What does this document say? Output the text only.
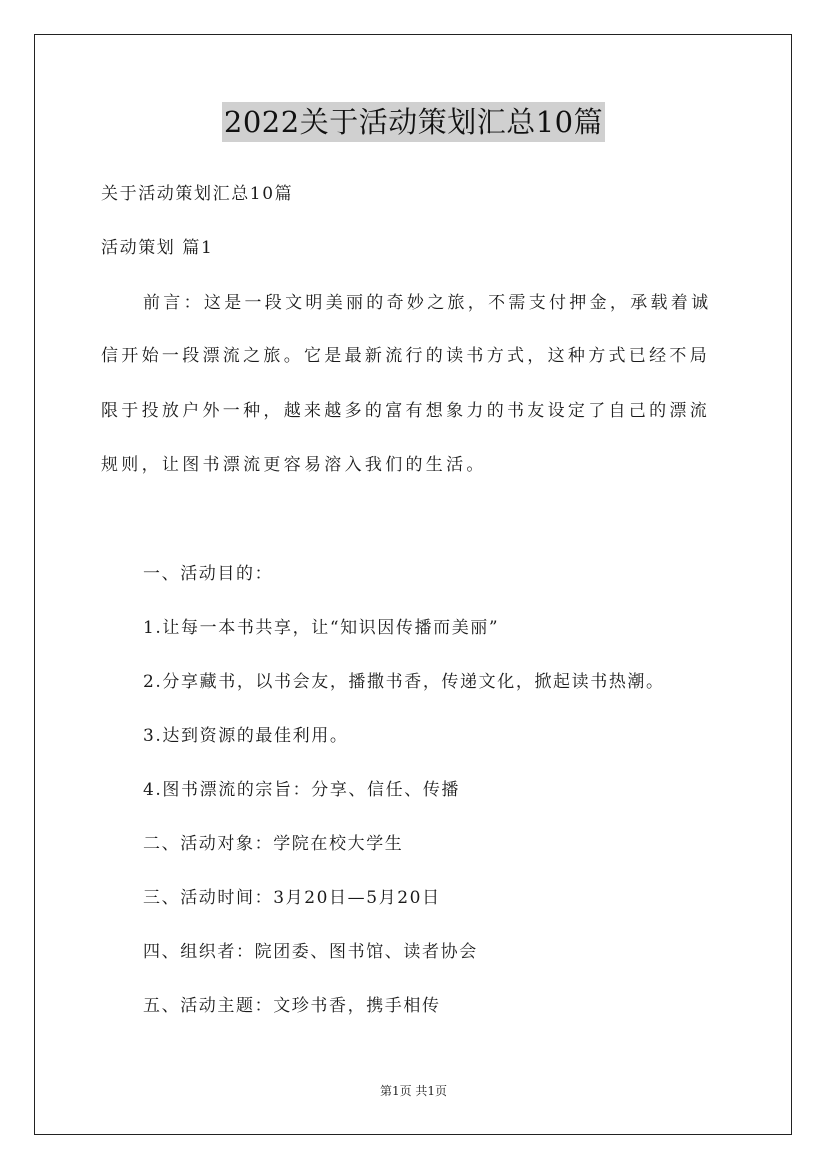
2022关于活动策划汇总10篇
关于活动策划汇总10篇
活动策划 篇1
前言：这是一段文明美丽的奇妙之旅，不需支付押金，承载着诚
信开始一段漂流之旅。它是最新流行的读书方式，这种方式已经不局
限于投放户外一种，越来越多的富有想象力的书友设定了自己的漂流
规则，让图书漂流更容易溶入我们的生活。
一、活动目的：
1.让每一本书共享，让“知识因传播而美丽”
2.分享藏书，以书会友，播撒书香，传递文化，掀起读书热潮。
3.达到资源的最佳利用。
4.图书漂流的宗旨：分享、信任、传播
二、活动对象：学院在校大学生
三、活动时间：3月20日—5月20日
四、组织者：院团委、图书馆、读者协会
五、活动主题：文珍书香，携手相传
第1页 共1页
